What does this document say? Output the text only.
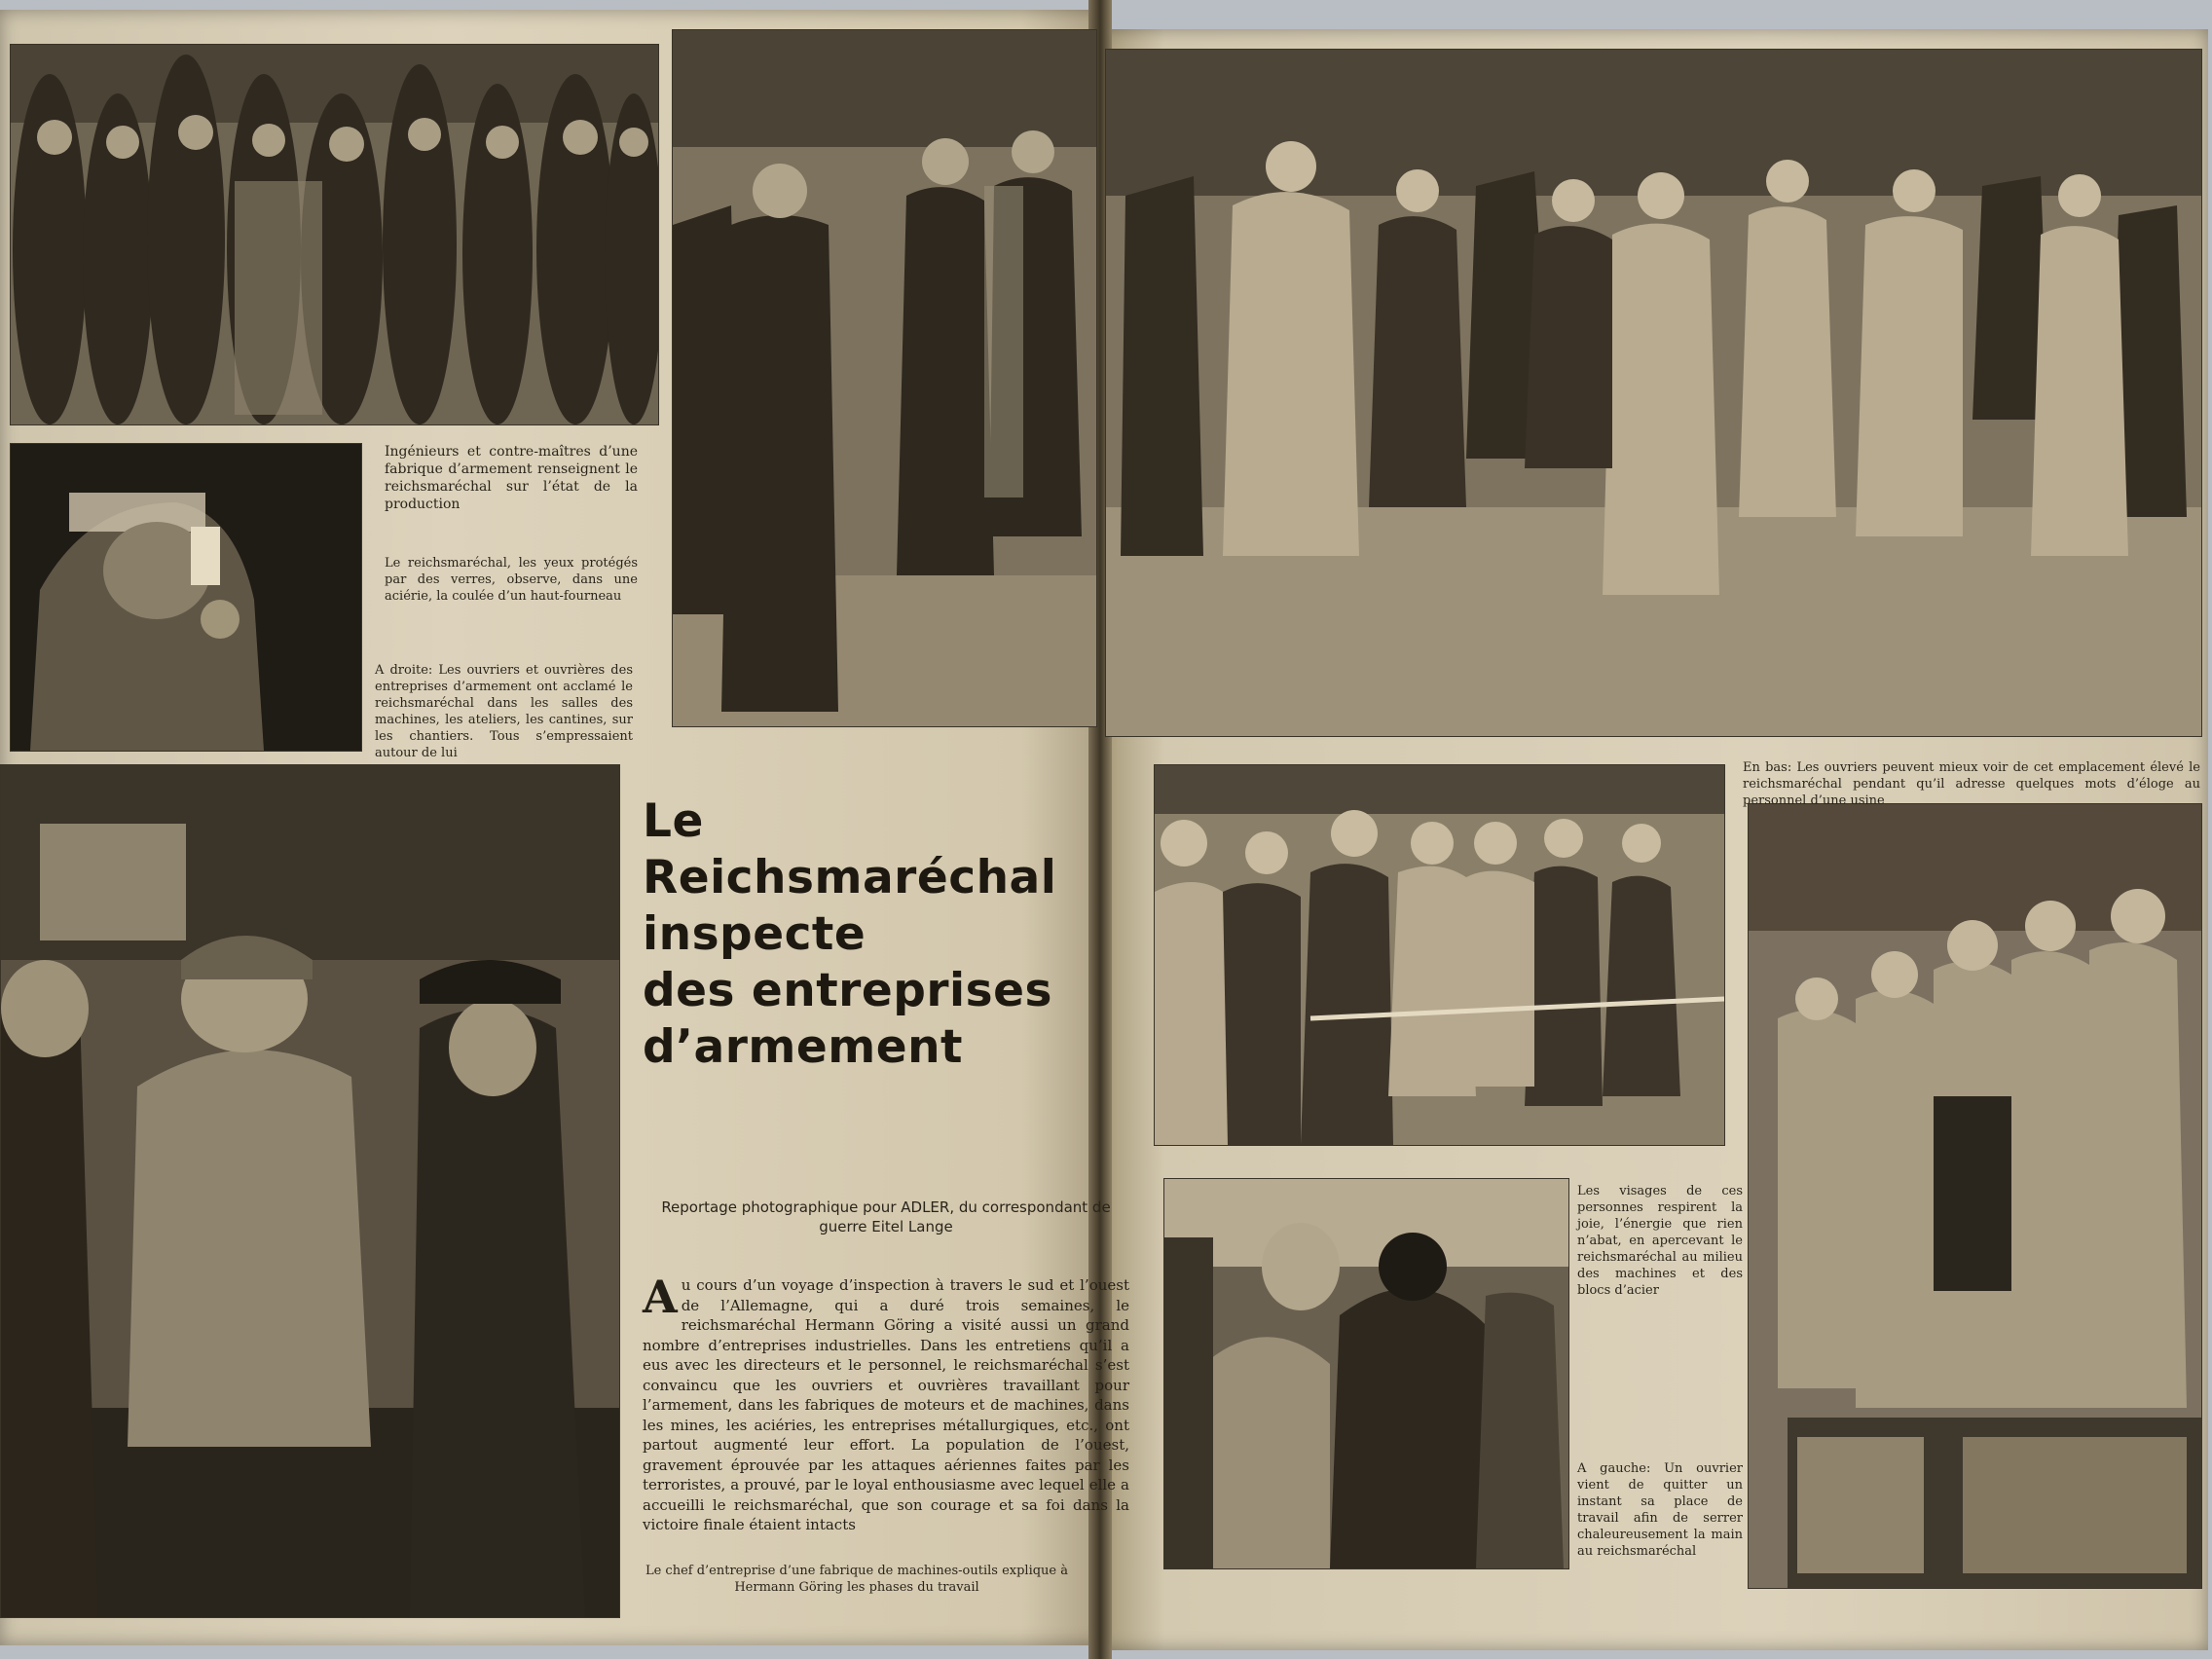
Le
Reichsmaréchal
inspecte
des entreprises
d’armement
Reportage photographique pour ADLER, du correspondant de guerre Eitel Lange
A u cours d’un voyage d’inspection à travers le sud et l’ouest de l’Allemagne, qui a duré trois semaines, le reichsmaréchal Hermann Göring a visité aussi un grand nombre d’entreprises industrielles. Dans les entretiens qu’il a eus avec les directeurs et le personnel, le reichsmaréchal s’est convaincu que les ouvriers et ouvrières travaillant pour l’armement, dans les fabriques de moteurs et de machines, dans les mines, les aciéries, les entreprises métallurgiques, etc., ont partout augmenté leur effort. La population de l’ouest, gravement éprouvée par les attaques aériennes faites par les terroristes, a prouvé, par le loyal enthousiasme avec lequel elle a accueilli le reichsmaréchal, que son courage et sa foi dans la victoire finale étaient intacts
Ingénieurs et contre-maîtres d’une fabrique d’armement renseignent le reichsmaréchal sur l’état de la production
Le reichsmaréchal, les yeux protégés par des verres, observe, dans une aciérie, la coulée d’un haut-fourneau
A droite: Les ouvriers et ouvrières des entreprises d’armement ont acclamé le reichsmaréchal dans les salles des machines, les ateliers, les cantines, sur les chantiers. Tous s’empressaient autour de lui
Le chef d’entreprise d’une fabrique de machines-outils explique à Hermann Göring les phases du travail
En bas: Les ouvriers peuvent mieux voir de cet emplacement élevé le reichsmaréchal pendant qu’il adresse quelques mots d’éloge au personnel d’une usine
Les visages de ces personnes respirent la joie, l’énergie que rien n’abat, en apercevant le reichsmaréchal au milieu des machines et des blocs d’acier
A gauche: Un ouvrier vient de quitter un instant sa place de travail afin de serrer chaleureusement la main au reichsmaréchal
